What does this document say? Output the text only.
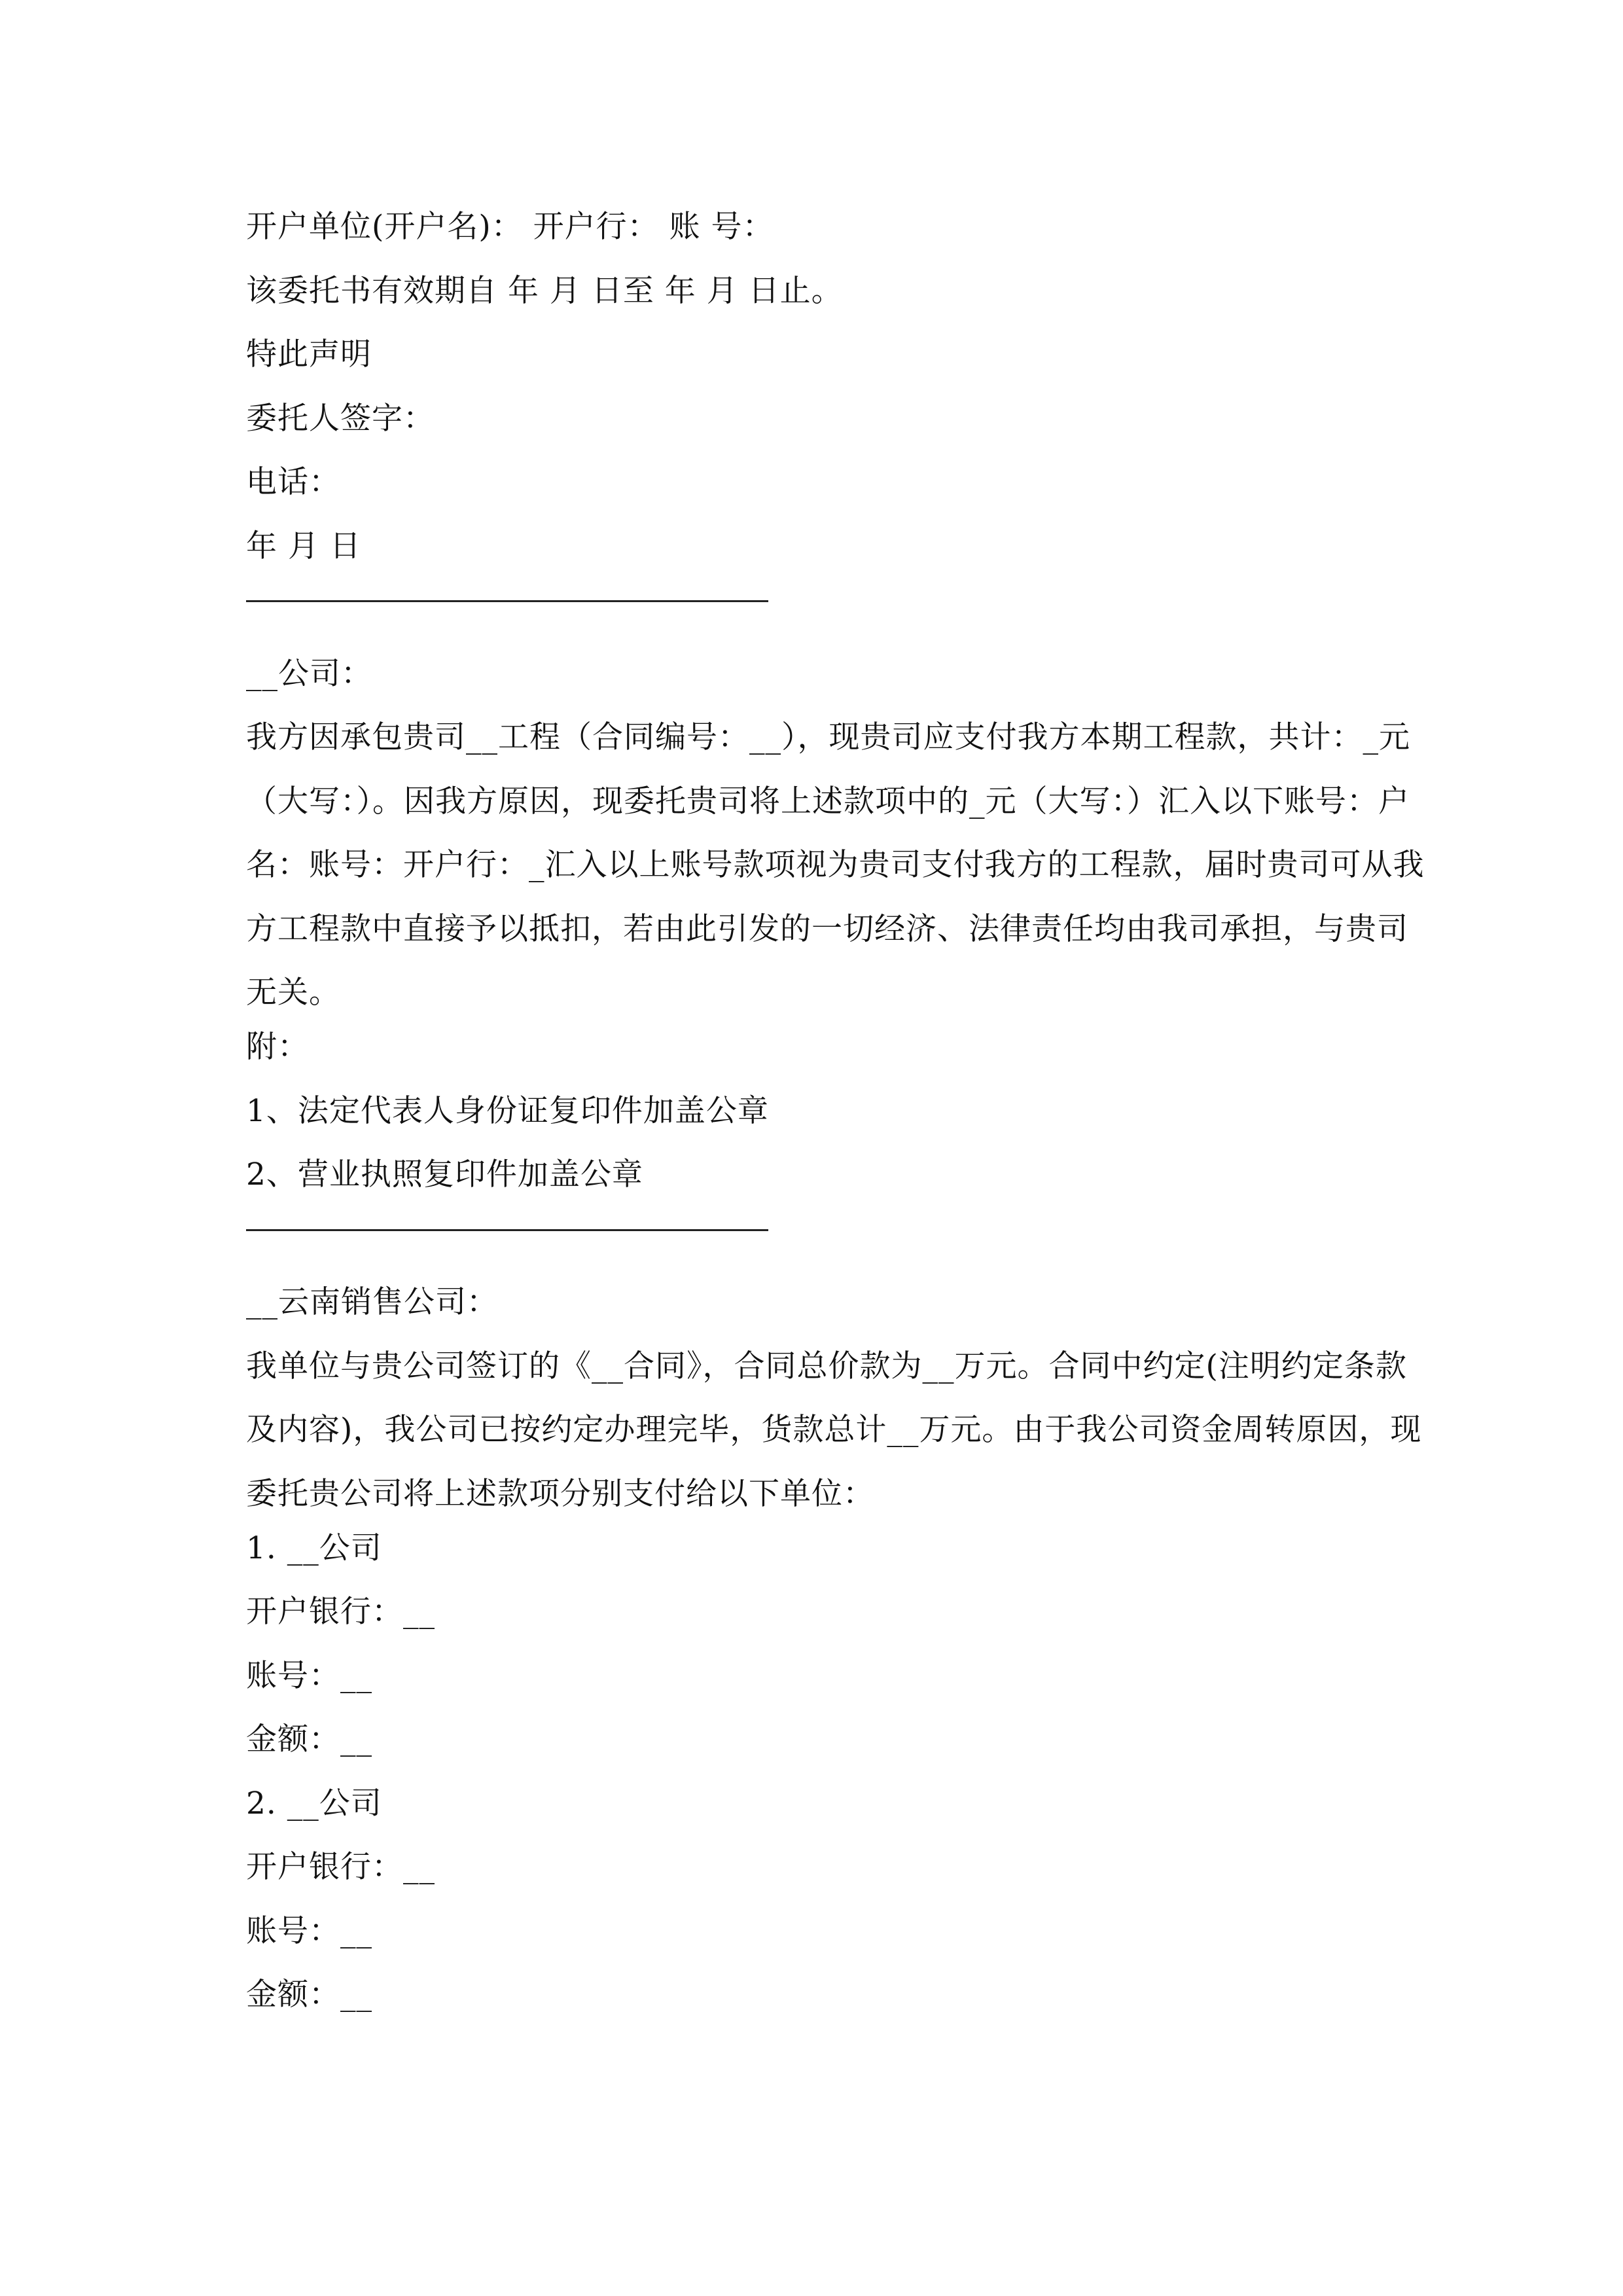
开户单位(开户名)： 开户行： 账 号：
该委托书有效期自 年 月 日至 年 月 日止。
特此声明
委托人签字：
电话：
年 月 日
__公司：
我方因承包贵司__工程（合同编号：__），现贵司应支付我方本期工程款，共计：_元（大写：）。因我方原因，现委托贵司将上述款项中的_元（大写：）汇入以下账号：户名：账号：开户行：_汇入以上账号款项视为贵司支付我方的工程款，届时贵司可从我方工程款中直接予以抵扣，若由此引发的一切经济、法律责任均由我司承担，与贵司无关。
附：
1、法定代表人身份证复印件加盖公章
2、营业执照复印件加盖公章
__云南销售公司：
我单位与贵公司签订的《__合同》，合同总价款为__万元。合同中约定(注明约定条款及内容)，我公司已按约定办理完毕，货款总计__万元。由于我公司资金周转原因，现委托贵公司将上述款项分别支付给以下单位：
1. __公司
开户银行：__
账号：__
金额：__
2. __公司
开户银行：__
账号：__
金额：__
